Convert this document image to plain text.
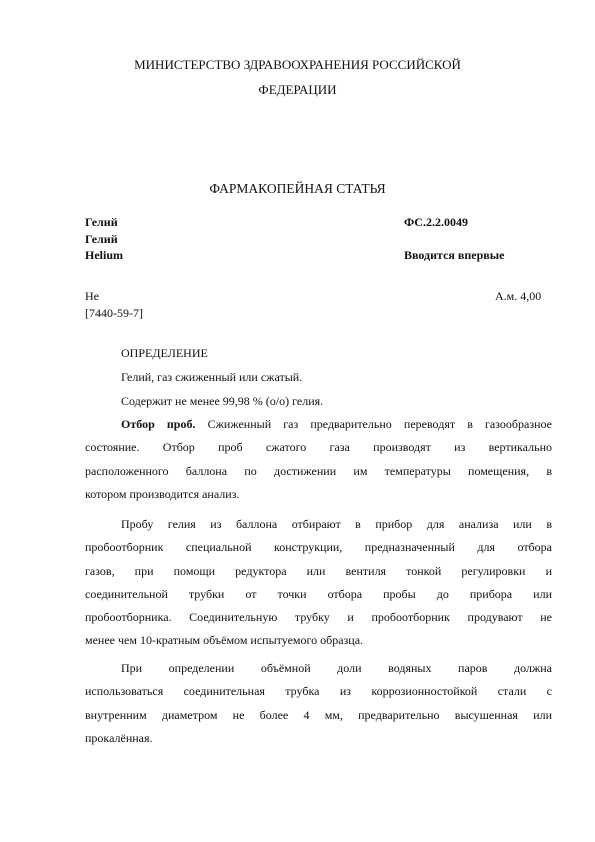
МИНИСТЕРСТВО ЗДРАВООХРАНЕНИЯ РОССИЙСКОЙ
ФЕДЕРАЦИИ
ФАРМАКОПЕЙНАЯ СТАТЬЯ
Гелий	ФС.2.2.0049
Гелий
Helium	Вводится впервые
He	А.м. 4,00
[7440-59-7]
ОПРЕДЕЛЕНИЕ
Гелий, газ сжиженный или сжатый.
Содержит не менее 99,98 % (о/о) гелия.
Отбор проб. Сжиженный газ предварительно переводят в газообразное
состояние. Отбор проб сжатого газа производят из вертикально
расположенного баллона по достижении им температуры помещения, в
котором производится анализ.
Пробу гелия из баллона отбирают в прибор для анализа или в
пробоотборник специальной конструкции, предназначенный для отбора
газов, при помощи редуктора или вентиля тонкой регулировки и
соединительной трубки от точки отбора пробы до прибора или
пробоотборника. Соединительную трубку и пробоотборник продувают не
менее чем 10-кратным объёмом испытуемого образца.
При определении объёмной доли водяных паров должна
использоваться соединительная трубка из коррозионностойкой стали с
внутренним диаметром не более 4 мм, предварительно высушенная или
прокалённая.
